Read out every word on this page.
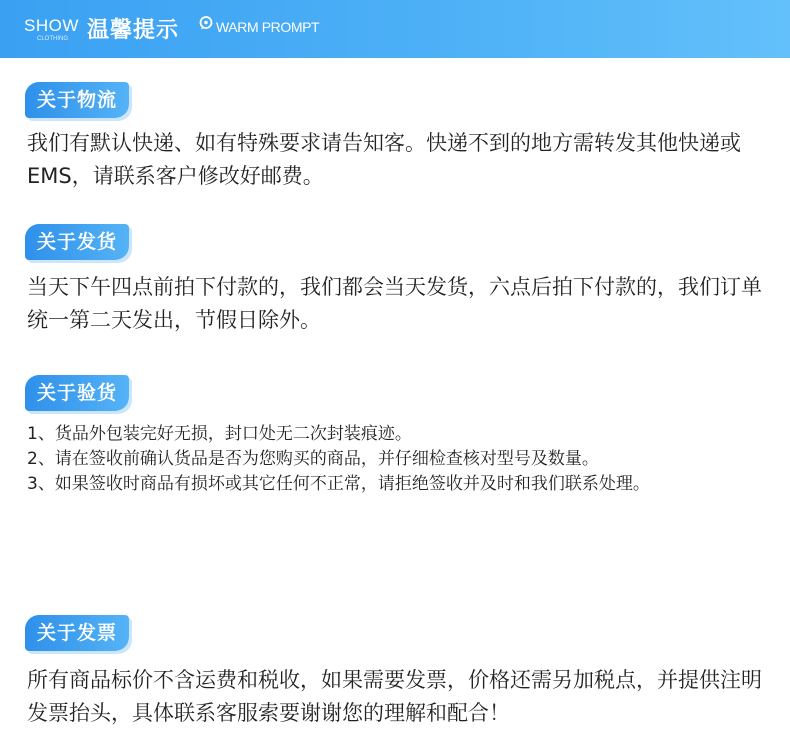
SHOW
CLOTHING 温馨提示	WARM PROMPT
关于物流

我们有默认快递、如有特殊要求请告知客。快递不到的地方需转发其他快递或EMS，请联系客户修改好邮费。

关于发货

当天下午四点前拍下付款的，我们都会当天发货，六点后拍下付款的，我们订单统一第二天发出，节假日除外。

关于验货
1、货品外包装完好无损，封口处无二次封装痕迹。
2、请在签收前确认货品是否为您购买的商品，并仔细检查核对型号及数量。
3、如果签收时商品有损坏或其它任何不正常，请拒绝签收并及时和我们联系处理。
关于发票

所有商品标价不含运费和税收，如果需要发票，价格还需另加税点，并提供注明发票抬头，具体联系客服索要谢谢您的理解和配合！
